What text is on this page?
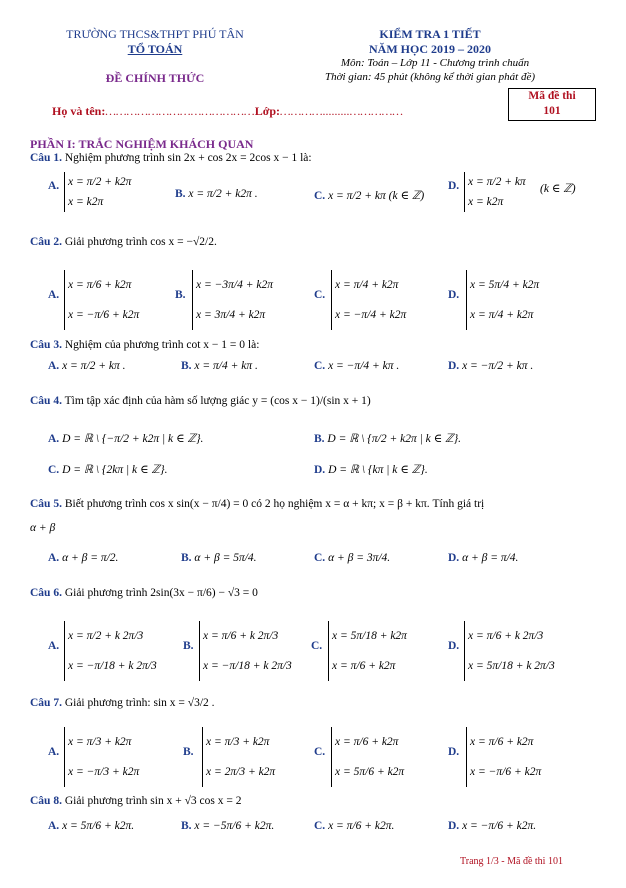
TRƯỜNG THCS&THPT PHÚ TÂN
TỔ TOÁN
ĐỀ CHÍNH THỨC
KIỂM TRA 1 TIẾT
NĂM HỌC 2019 – 2020
Môn: Toán – Lớp 11 - Chương trình chuẩn
Thời gian: 45 phút (không kể thời gian phát đề)
Mã đề thi
101
Họ và tên:……………………………………Lớp:………….........……………
PHẦN I: TRẮC NGHIỆM KHÁCH QUAN
Câu 1. Nghiệm phương trình sin 2x + cos 2x = 2cos x − 1 là:
A. x = π/2 + k2π
x = k2π
B. x = π/2 + k2π .	C. x = π/2 + kπ (k ∈ ℤ)
D. x = π/2 + kπ
x = k2π
(k ∈ ℤ)
Câu 2. Giải phương trình cos x = −√2/2.
A.
x = π/6 + k2π
x = −π/6 + k2π
B.
x = −3π/4 + k2π
x = 3π/4 + k2π
C.
x = π/4 + k2π
x = −π/4 + k2π
D.
x = 5π/4 + k2π
x = π/4 + k2π
Câu 3. Nghiệm của phương trình cot x − 1 = 0 là:
A. x = π/2 + kπ .	B. x = π/4 + kπ .	C. x = −π/4 + kπ .	D. x = −π/2 + kπ .
Câu 4. Tìm tập xác định của hàm số lượng giác y = (cos x − 1)/(sin x + 1)
A. D = ℝ \ {−π/2 + k2π | k ∈ ℤ}.	B. D = ℝ \ {π/2 + k2π | k ∈ ℤ}.
C. D = ℝ \ {2kπ | k ∈ ℤ}.	D. D = ℝ \ {kπ | k ∈ ℤ}.
Câu 5. Biết phương trình cos x sin(x − π/4) = 0 có 2 họ nghiệm x = α + kπ; x = β + kπ. Tính giá trị
α + β
A. α + β = π/2.	B. α + β = 5π/4.	C. α + β = 3π/4.	D. α + β = π/4.
Câu 6. Giải phương trình 2sin(3x − π/6) − √3 = 0
A.
x = π/2 + k 2π/3
x = −π/18 + k 2π/3
B.
x = π/6 + k 2π/3
x = −π/18 + k 2π/3
C.
x = 5π/18 + k2π
x = π/6 + k2π
D.
x = π/6 + k 2π/3
x = 5π/18 + k 2π/3
Câu 7. Giải phương trình: sin x = √3/2 .
A.
x = π/3 + k2π
x = −π/3 + k2π
B.
x = π/3 + k2π
x = 2π/3 + k2π
C.
x = π/6 + k2π
x = 5π/6 + k2π
D.
x = π/6 + k2π
x = −π/6 + k2π
Câu 8. Giải phương trình sin x + √3 cos x = 2
A. x = 5π/6 + k2π.	B. x = −5π/6 + k2π.	C. x = π/6 + k2π.	D. x = −π/6 + k2π.
Trang 1/3 - Mã đề thi 101
